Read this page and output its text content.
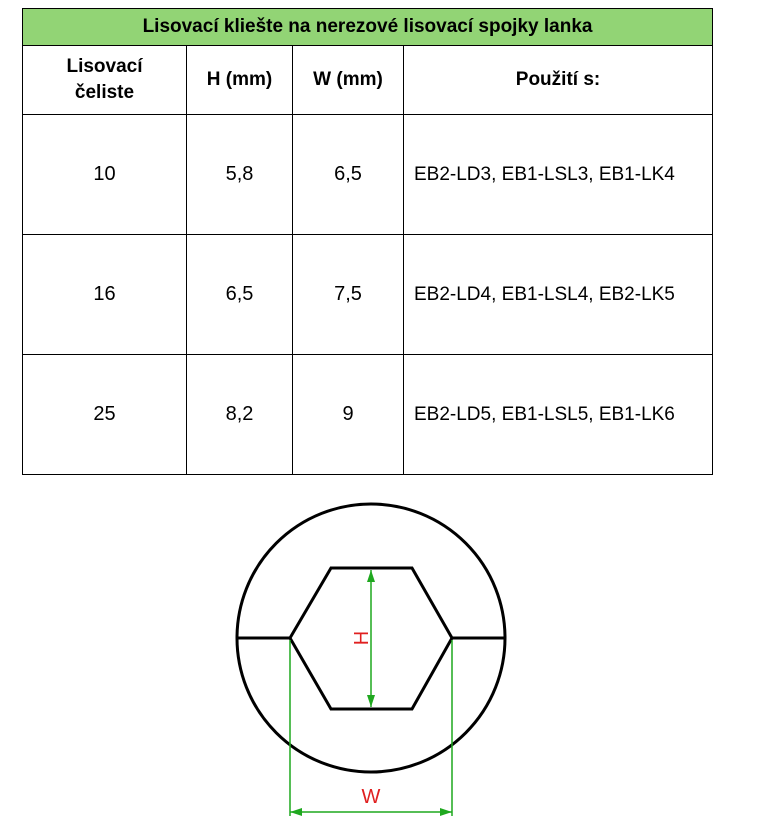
Lisovací kliešte na nerezové lisovací spojky lanka			
Lisovací
čeliste	H (mm)	W (mm)	Použití s:
10	5,8	6,5	EB2-LD3, EB1-LSL3, EB1-LK4
16	6,5	7,5	EB2-LD4, EB1-LSL4, EB2-LK5
25	8,2	9	EB2-LD5, EB1-LSL5, EB1-LK6
H
W
